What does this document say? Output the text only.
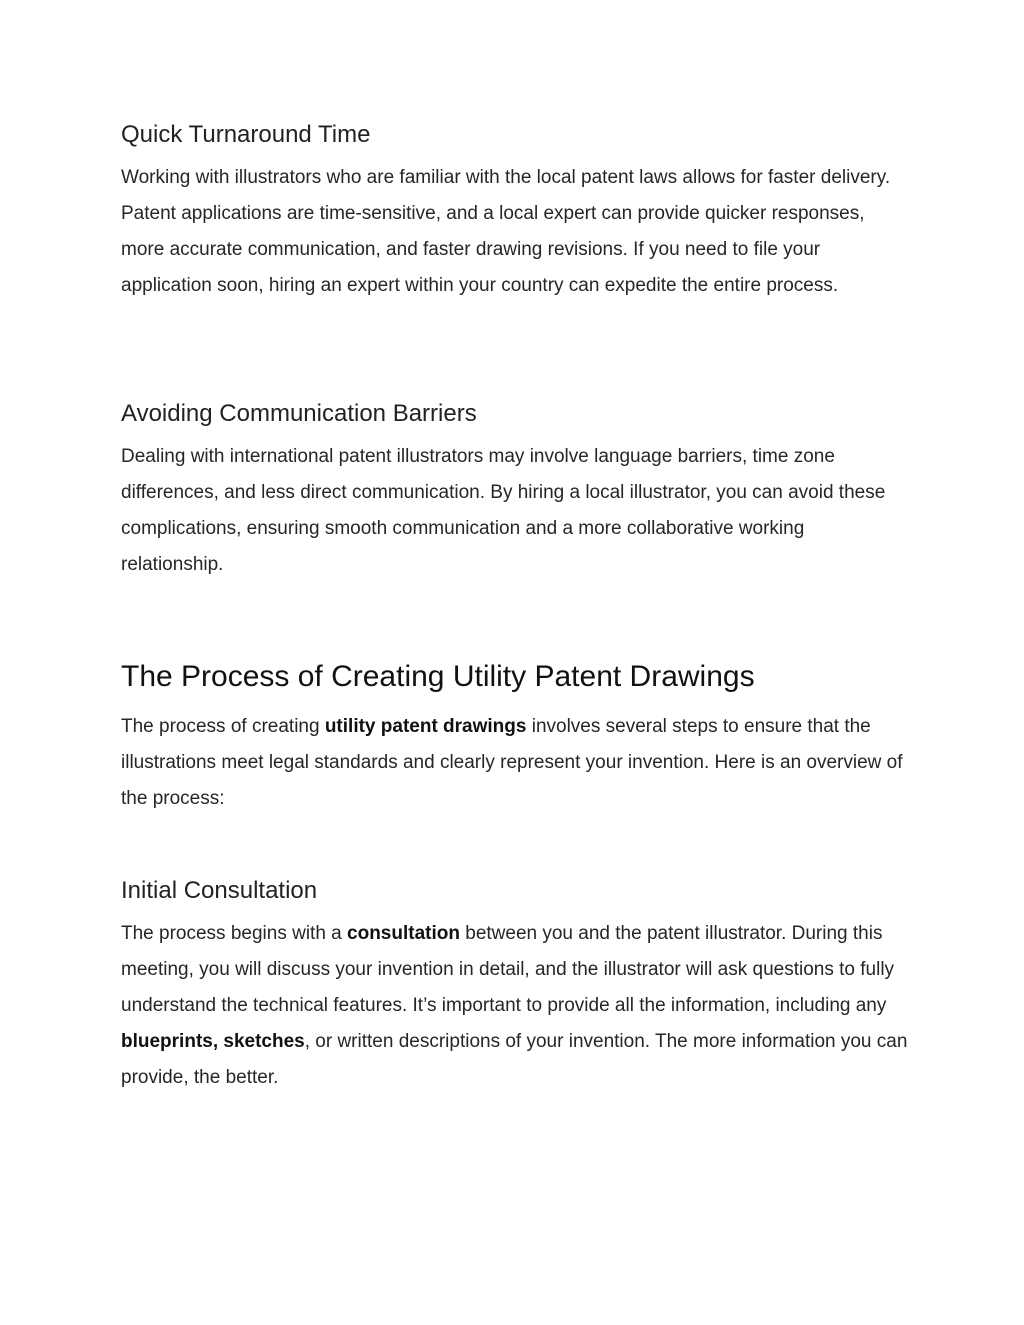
Quick Turnaround Time

Working with illustrators who are familiar with the local patent laws allows for faster delivery. Patent applications are time-sensitive, and a local expert can provide quicker responses, more accurate communication, and faster drawing revisions. If you need to file your application soon, hiring an expert within your country can expedite the entire process.

Avoiding Communication Barriers

Dealing with international patent illustrators may involve language barriers, time zone differences, and less direct communication. By hiring a local illustrator, you can avoid these complications, ensuring smooth communication and a more collaborative working relationship.

The Process of Creating Utility Patent Drawings

The process of creating utility patent drawings involves several steps to ensure that the illustrations meet legal standards and clearly represent your invention. Here is an overview of the process:

Initial Consultation

The process begins with a consultation between you and the patent illustrator. During this meeting, you will discuss your invention in detail, and the illustrator will ask questions to fully understand the technical features. It’s important to provide all the information, including any blueprints, sketches, or written descriptions of your invention. The more information you can provide, the better.
